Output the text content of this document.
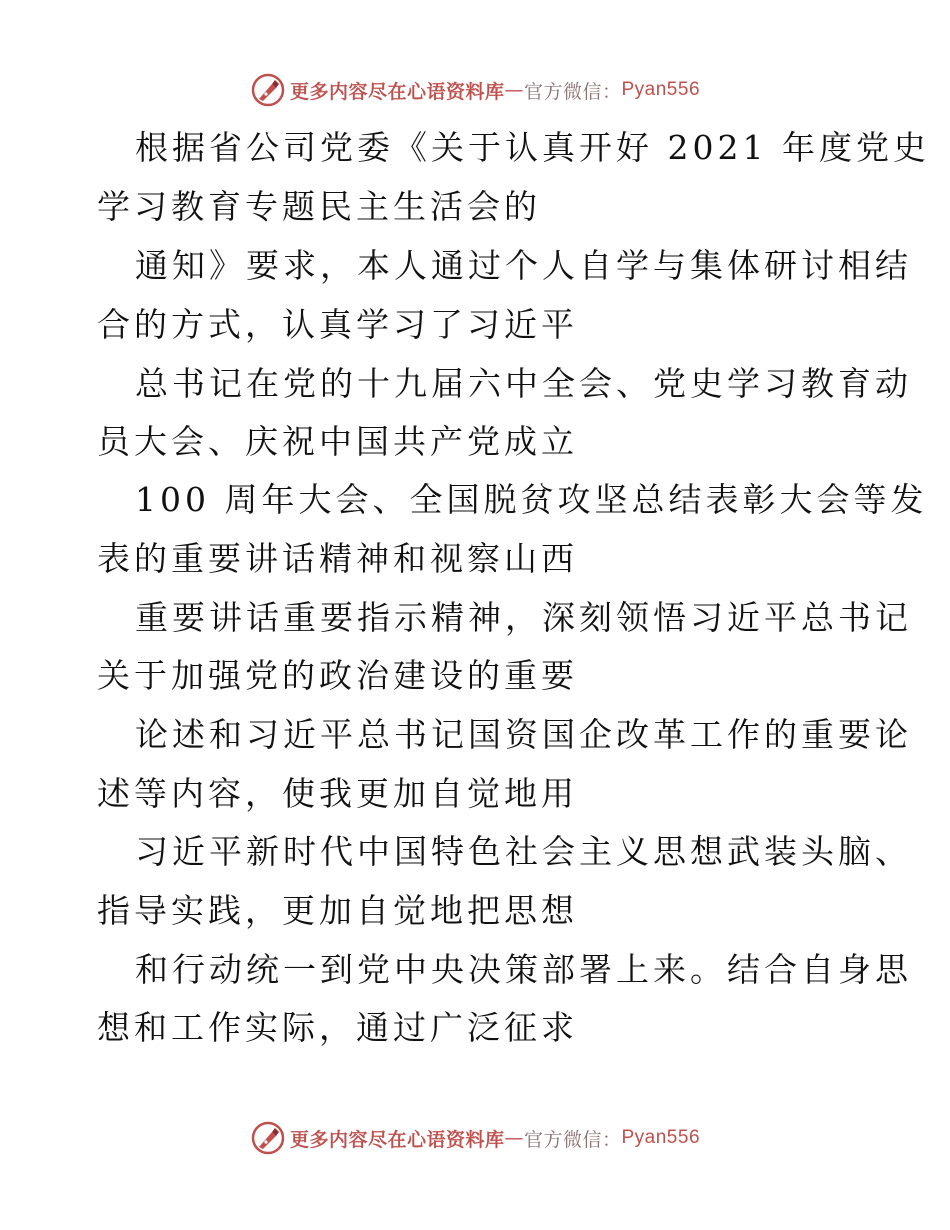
更多内容尽在心语资料库 — 官方微信： Pyan556
根据省公司党委《关于认真开好 2021 年度党史
学习教育专题民主生活会的
通知》要求，本人通过个人自学与集体研讨相结
合的方式，认真学习了习近平
总书记在党的十九届六中全会、党史学习教育动
员大会、庆祝中国共产党成立
100 周年大会、全国脱贫攻坚总结表彰大会等发
表的重要讲话精神和视察山西
重要讲话重要指示精神，深刻领悟习近平总书记
关于加强党的政治建设的重要
论述和习近平总书记国资国企改革工作的重要论
述等内容，使我更加自觉地用
习近平新时代中国特色社会主义思想武装头脑、
指导实践，更加自觉地把思想
和行动统一到党中央决策部署上来。结合自身思
想和工作实际，通过广泛征求
更多内容尽在心语资料库 — 官方微信： Pyan556
